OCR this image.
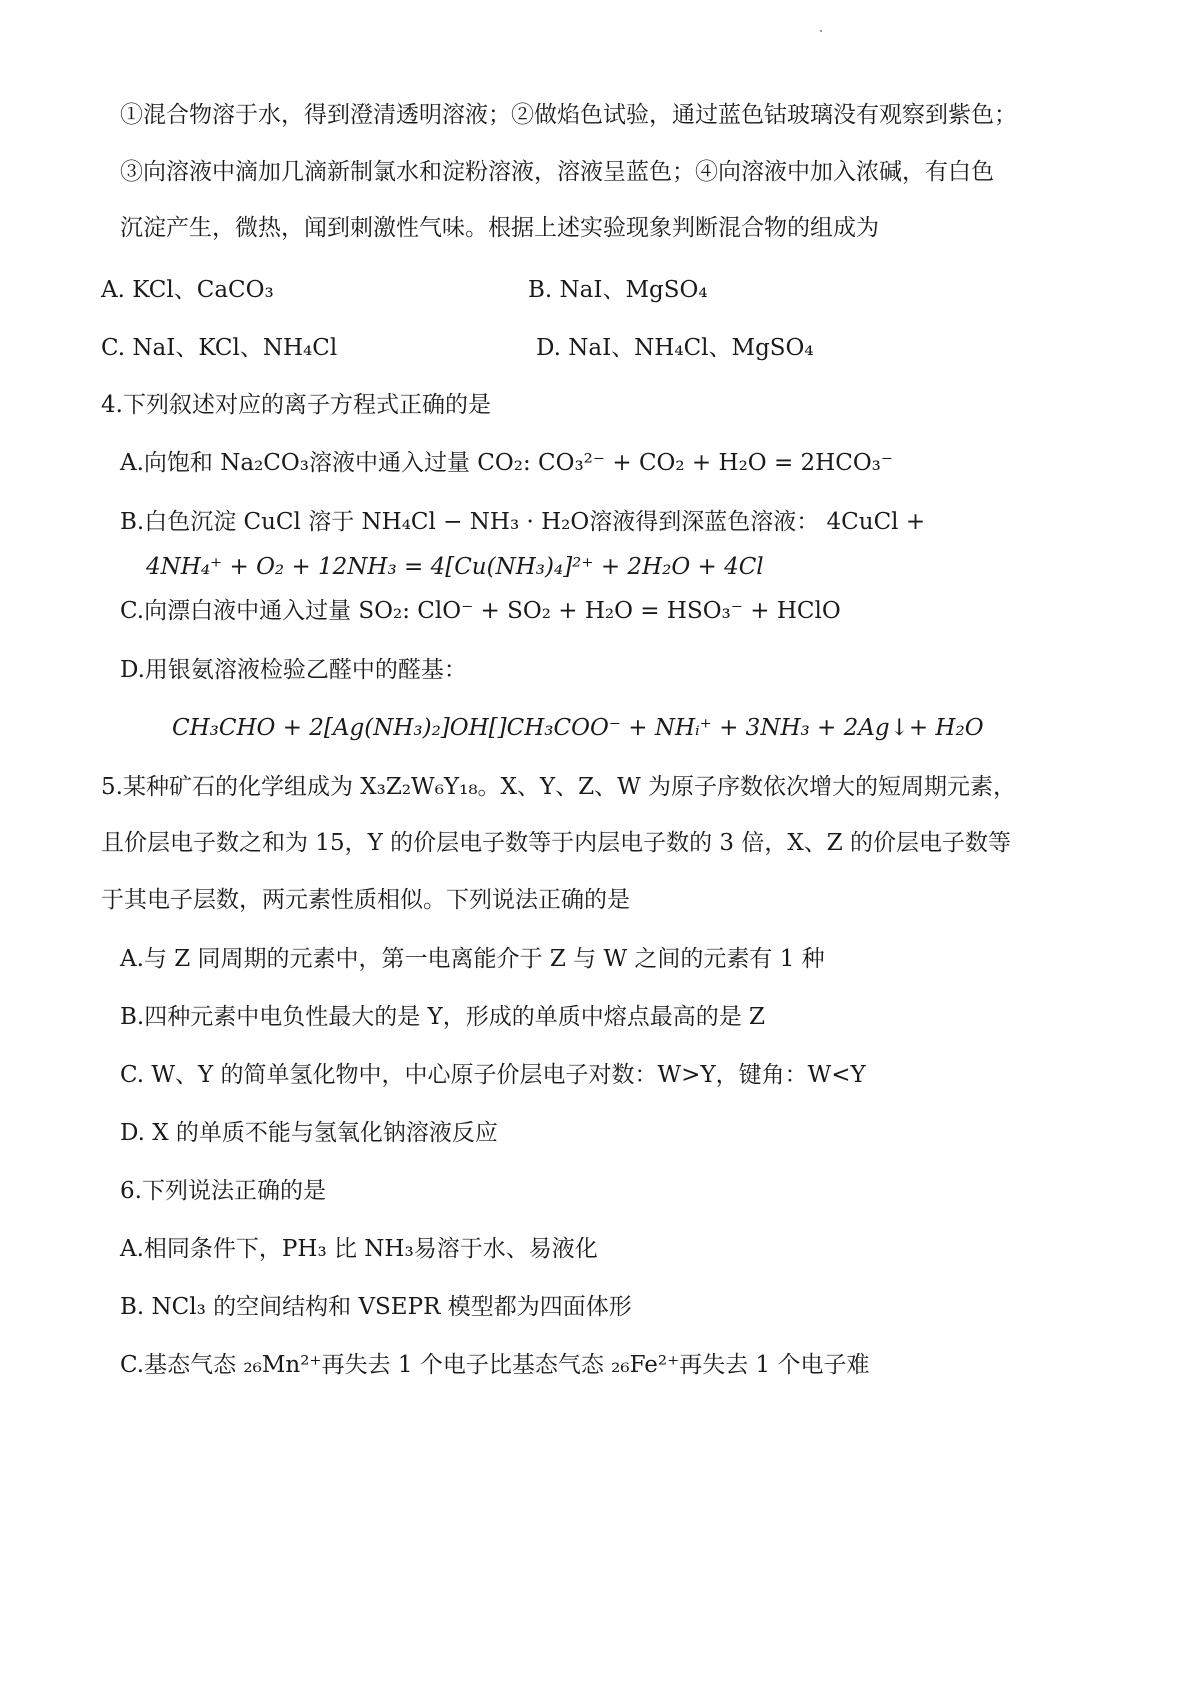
①混合物溶于水，得到澄清透明溶液；②做焰色试验，通过蓝色钴玻璃没有观察到紫色；
③向溶液中滴加几滴新制氯水和淀粉溶液，溶液呈蓝色；④向溶液中加入浓碱，有白色
沉淀产生，微热，闻到刺激性气味。根据上述实验现象判断混合物的组成为
A. KCl、CaCO₃	B. NaI、MgSO₄
C. NaI、KCl、NH₄Cl	D. NaI、NH₄Cl、MgSO₄
4.下列叙述对应的离子方程式正确的是
A.向饱和 Na₂CO₃溶液中通入过量 CO₂: CO₃²⁻ + CO₂ + H₂O = 2HCO₃⁻
B.白色沉淀 CuCl 溶于 NH₄Cl − NH₃ · H₂O溶液得到深蓝色溶液： 4CuCl +
4NH₄⁺ + O₂ + 12NH₃ = 4[Cu(NH₃)₄]²⁺ + 2H₂O + 4Cl
C.向漂白液中通入过量 SO₂: ClO⁻ + SO₂ + H₂O = HSO₃⁻ + HClO
D.用银氨溶液检验乙醛中的醛基：
CH₃CHO + 2[Ag(NH₃)₂]OH[]CH₃COO⁻ + NHᵢ⁺ + 3NH₃ + 2Ag↓+ H₂O
5.某种矿石的化学组成为 X₃Z₂W₆Y₁₈。X、Y、Z、W 为原子序数依次增大的短周期元素，
且价层电子数之和为 15，Y 的价层电子数等于内层电子数的 3 倍，X、Z 的价层电子数等
于其电子层数，两元素性质相似。下列说法正确的是
A.与 Z 同周期的元素中，第一电离能介于 Z 与 W 之间的元素有 1 种
B.四种元素中电负性最大的是 Y，形成的单质中熔点最高的是 Z
C. W、Y 的简单氢化物中，中心原子价层电子对数：W>Y，键角：W<Y
D. X 的单质不能与氢氧化钠溶液反应
6.下列说法正确的是
A.相同条件下，PH₃ 比 NH₃易溶于水、易液化
B. NCl₃ 的空间结构和 VSEPR 模型都为四面体形
C.基态气态 ₂₆Mn²⁺再失去 1 个电子比基态气态 ₂₆Fe²⁺再失去 1 个电子难
